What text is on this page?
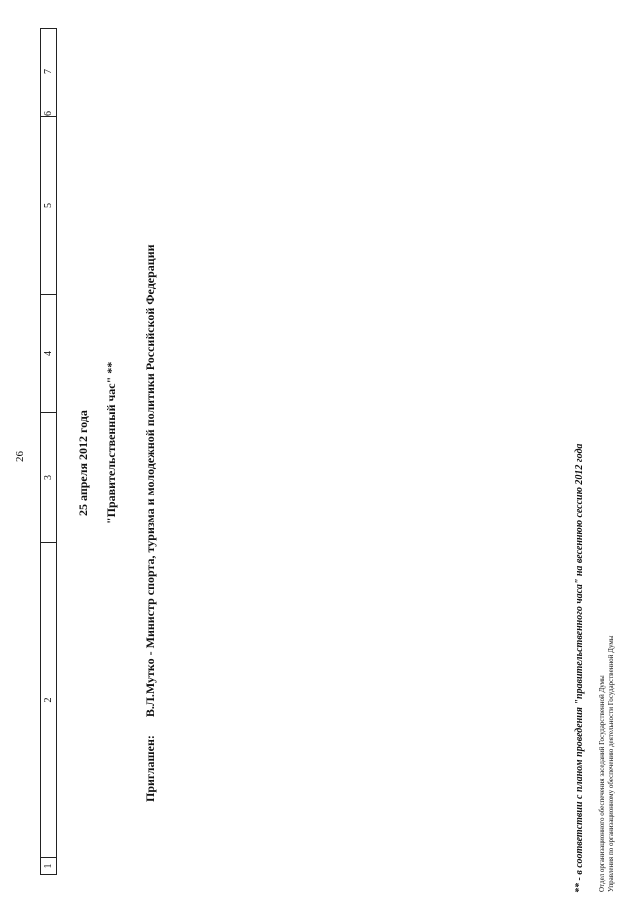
26
1
2
3
4
5
6
7
25 апреля 2012 года "Правительственный час" **
Приглашен:В.Л.Мутко - Министр спорта, туризма и молодежной политики Российской Федерации	** - в соответствии с планом проведения "правительственного часа" на весеннюю сессию 2012 года Отдел организационного обеспечения заседаний Государственной Думы Управления по организационному обеспечению деятельности Государственной Думы
